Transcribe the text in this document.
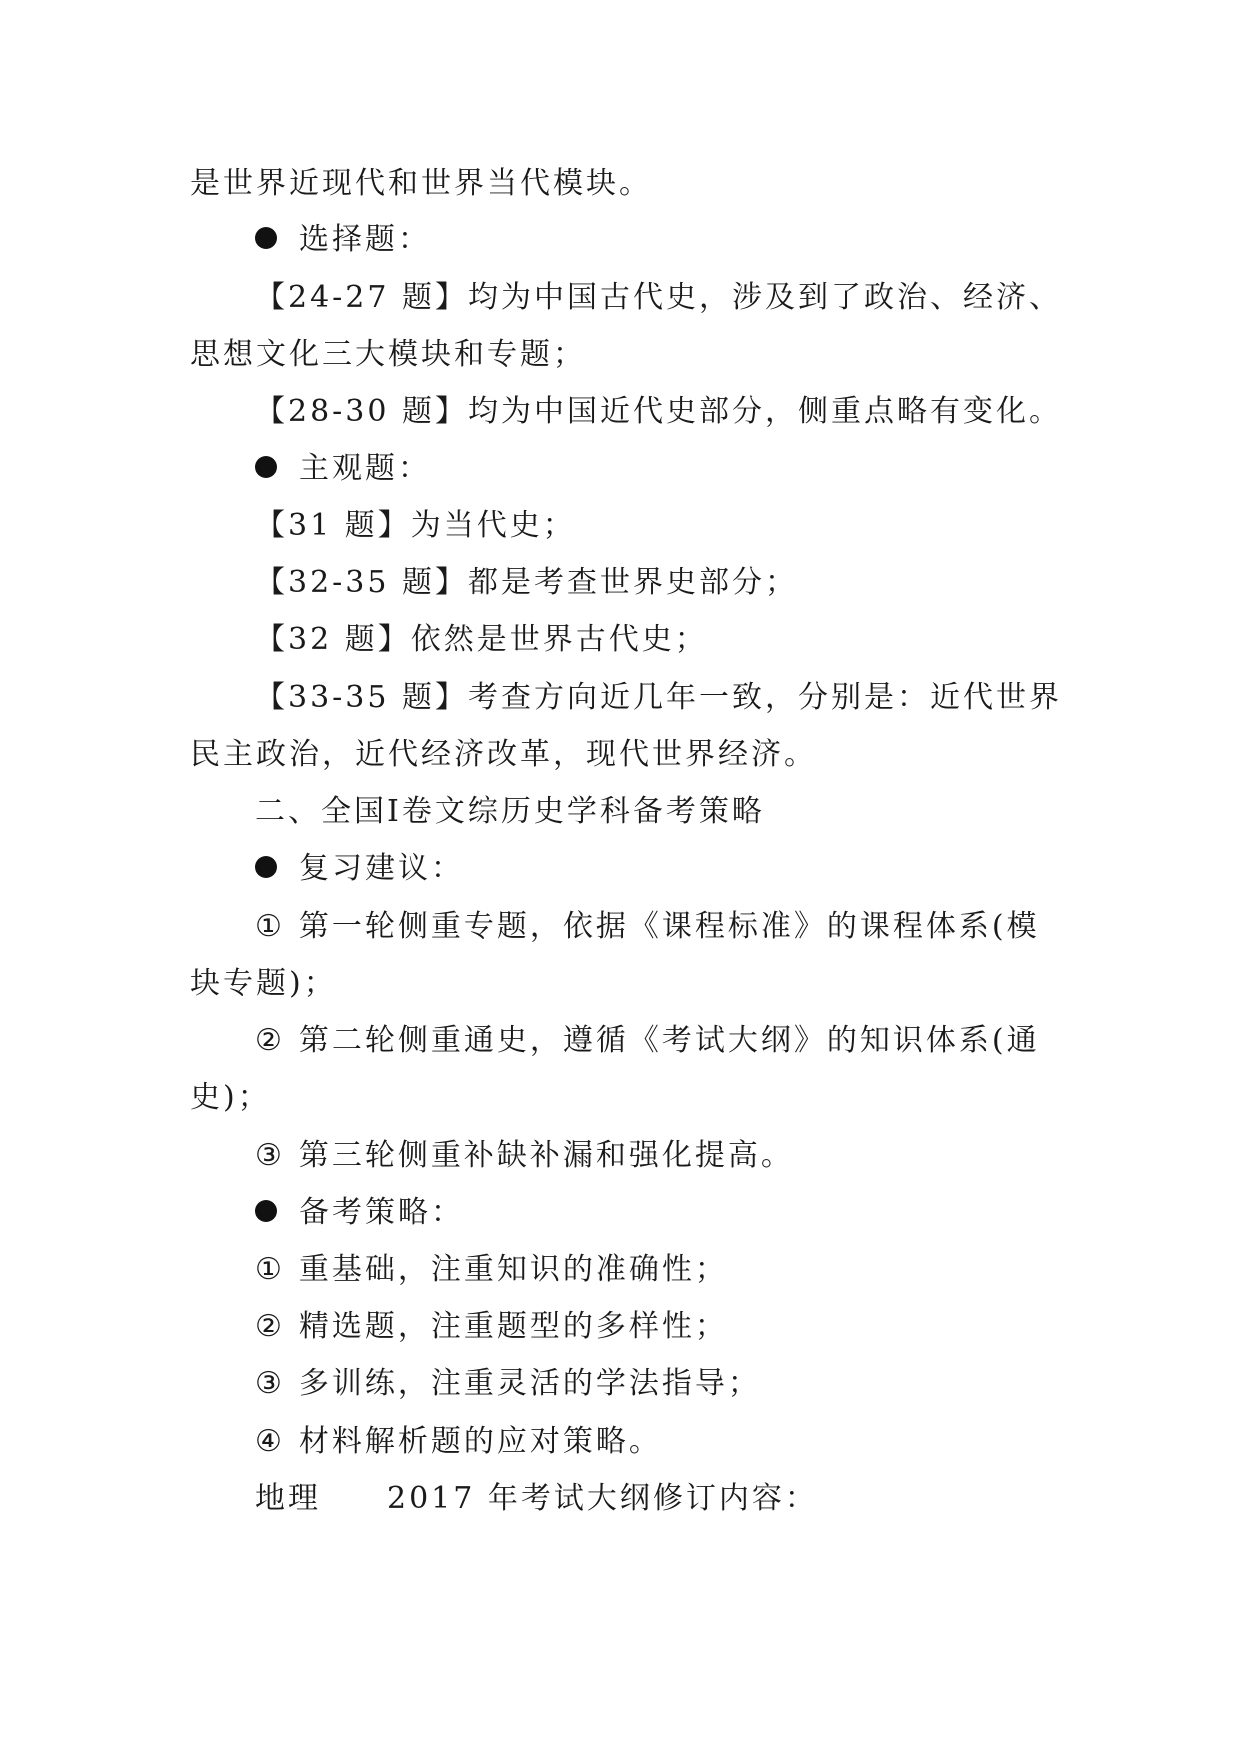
是世界近现代和世界当代模块。
选择题：
【24-27 题】均为中国古代史，涉及到了政治、经济、
思想文化三大模块和专题；
【28-30 题】均为中国近代史部分，侧重点略有变化。
主观题：
【31 题】为当代史；
【32-35 题】都是考查世界史部分；
【32 题】依然是世界古代史；
【33-35 题】考查方向近几年一致，分别是：近代世界
民主政治，近代经济改革，现代世界经济。
二、全国Ⅰ卷文综历史学科备考策略
复习建议：
① 第一轮侧重专题，依据《课程标准》的课程体系(模
块专题)；
② 第二轮侧重通史，遵循《考试大纲》的知识体系(通
史)；
③ 第三轮侧重补缺补漏和强化提高。
备考策略：
① 重基础，注重知识的准确性；
② 精选题，注重题型的多样性；
③ 多训练，注重灵活的学法指导；
④ 材料解析题的应对策略。
地理　　2017 年考试大纲修订内容：
